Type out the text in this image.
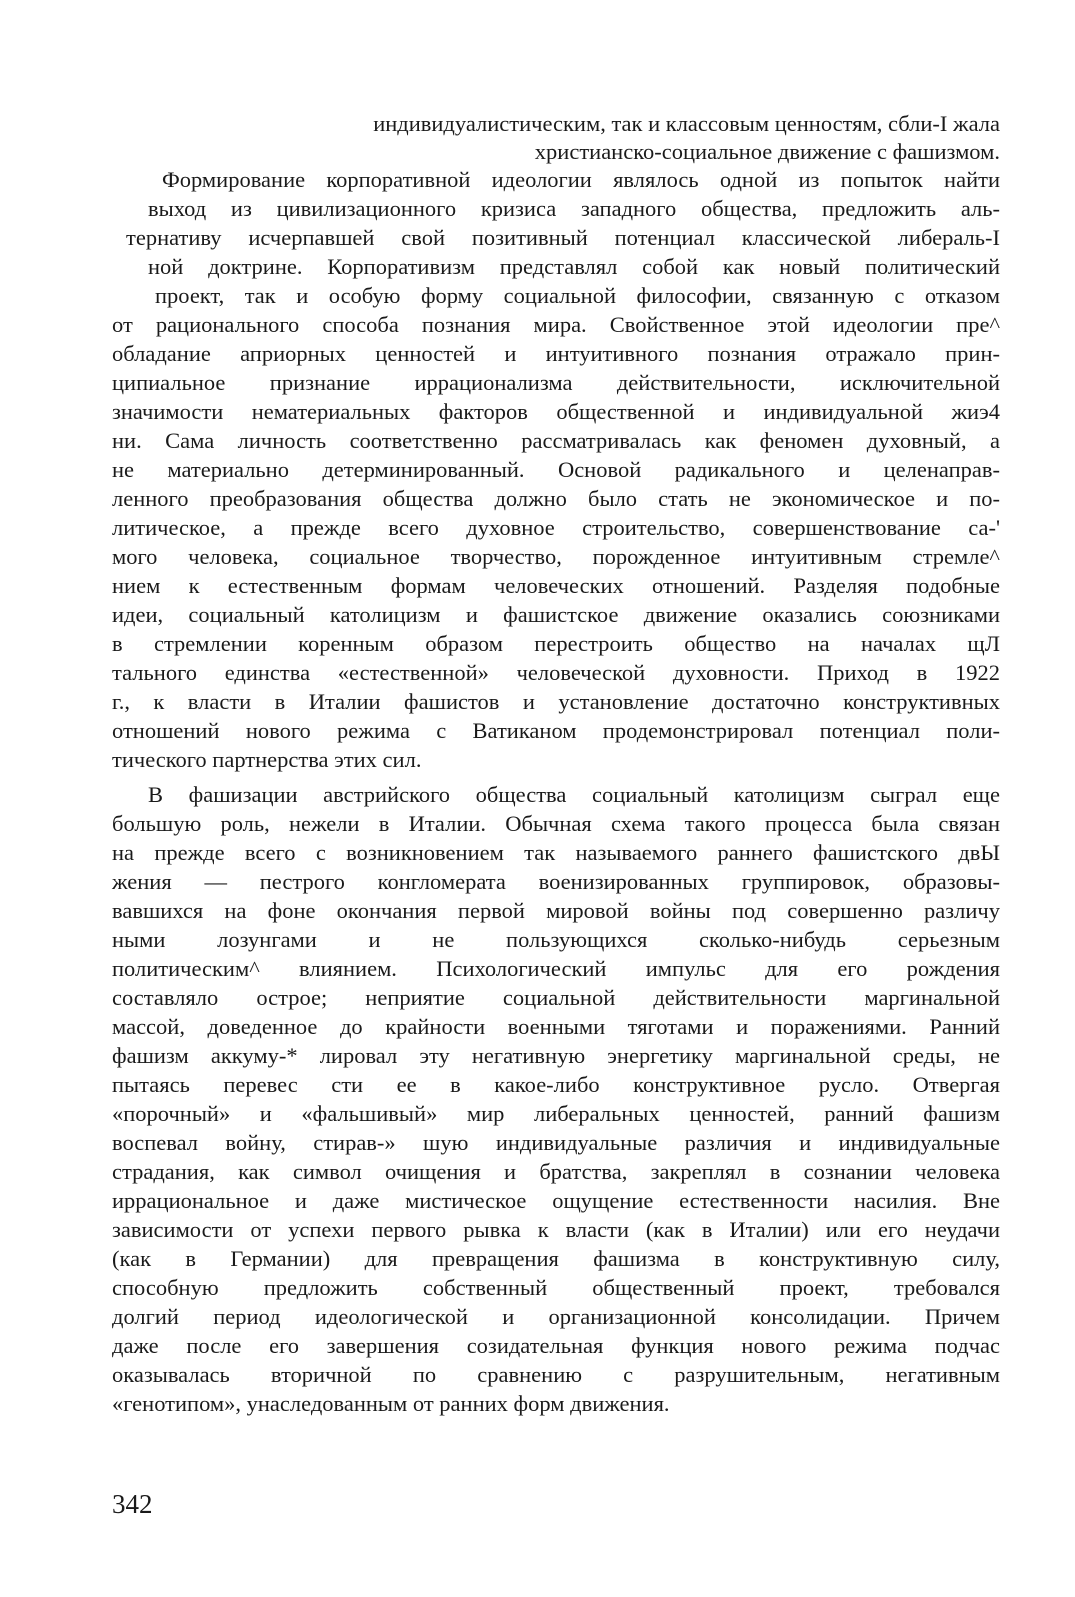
индивидуалистическим, так и классовым ценностям, сбли-I жала
христианско-социальное движение с фашизмом.
Формирование корпоративной идеологии являлось одной из попыток найти
выход из цивилизационного кризиса западного общества, предложить аль-
тернативу исчерпавшей свой позитивный потенциал классической либераль-I
ной доктрине. Корпоративизм представлял собой как новый политический
проект, так и особую форму социальной философии, связанную с отказом
от рационального способа познания мира. Свойственное этой идеологии пре^
обладание априорных ценностей и интуитивного познания отражало прин-
ципиальное признание иррационализма действительности, исключительной
значимости нематериальных факторов общественной и индивидуальной жиэ4
ни. Сама личность соответственно рассматривалась как феномен духовный, а
не материально детерминированный. Основой радикального и целенаправ-
ленного преобразования общества должно было стать не экономическое и по-
литическое, а прежде всего духовное строительство, совершенствование са-'
мого человека, социальное творчество, порожденное интуитивным стремле^
нием к естественным формам человеческих отношений. Разделяя подобные
идеи, социальный католицизм и фашистское движение оказались союзниками
в стремлении коренным образом перестроить общество на началах щЛ
тального единства «естественной» человеческой духовности. Приход в 1922
г., к власти в Италии фашистов и установление достаточно конструктивных
отношений нового режима с Ватиканом продемонстрировал потенциал поли-
тического партнерства этих сил.
В фашизации австрийского общества социальный католицизм сыграл еще
большую роль, нежели в Италии. Обычная схема такого процесса была связан
на прежде всего с возникновением так называемого раннего фашистского двЫ
жения — пестрого конгломерата военизированных группировок, образовы-
вавшихся на фоне окончания первой мировой войны под совершенно различу
ными лозунгами и не пользующихся сколько-нибудь серьезным
политическим^ влиянием. Психологический импульс для его рождения
составляло острое; неприятие социальной действительности маргинальной
массой, доведенное до крайности военными тяготами и поражениями. Ранний
фашизм аккуму-* лировал эту негативную энергетику маргинальной среды, не
пытаясь перевес сти ее в какое-либо конструктивное русло. Отвергая
«порочный» и «фальшивый» мир либеральных ценностей, ранний фашизм
воспевал войну, стирав-» шую индивидуальные различия и индивидуальные
страдания, как символ очищения и братства, закреплял в сознании человека
иррациональное и даже мистическое ощущение естественности насилия. Вне
зависимости от успехи первого рывка к власти (как в Италии) или его неудачи
(как в Германии) для превращения фашизма в конструктивную силу,
способную предложить собственный общественный проект, требовался
долгий период идеологической и организационной консолидации. Причем
даже после его завершения созидательная функция нового режима подчас
оказывалась вторичной по сравнению с разрушительным, негативным
«генотипом», унаследованным от ранних форм движения.
342
